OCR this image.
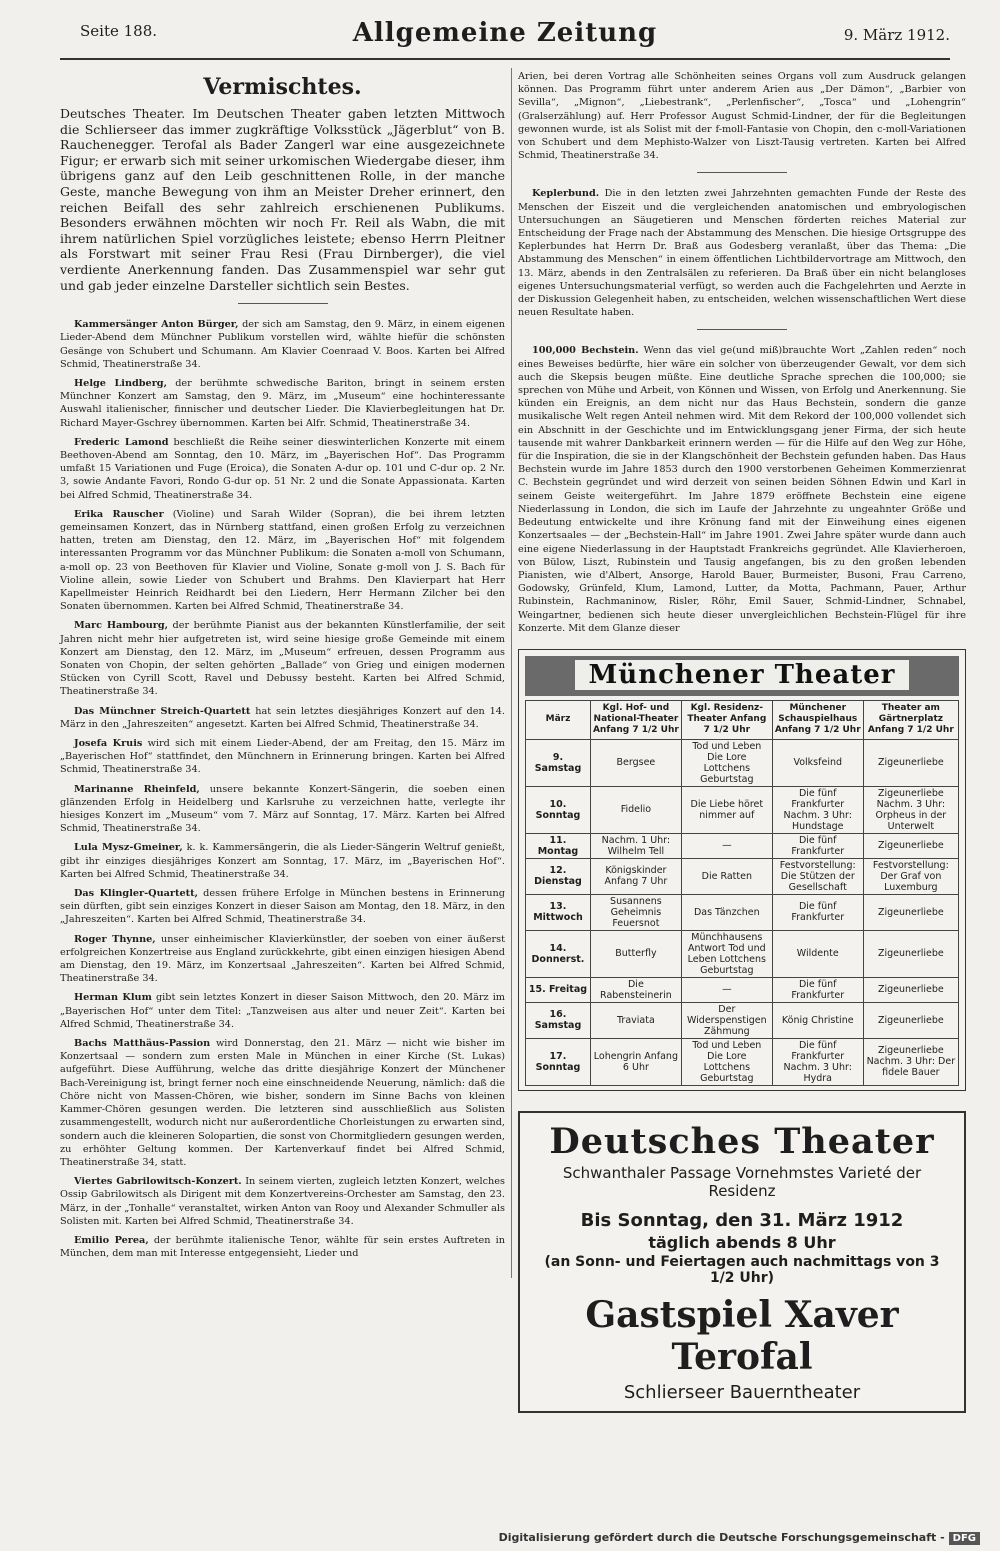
Seite 188.	Allgemeine Zeitung	9. März 1912.
Vermischtes.

Deutsches Theater. Im Deutschen Theater gaben letzten Mittwoch die Schlierseer das immer zugkräftige Volksstück „Jägerblut“ von B. Rauchenegger. Terofal als Bader Zangerl war eine ausgezeichnete Figur; er erwarb sich mit seiner urkomischen Wiedergabe dieser, ihm übrigens ganz auf den Leib geschnittenen Rolle, in der manche Geste, manche Bewegung von ihm an Meister Dreher erinnert, den reichen Beifall des sehr zahlreich erschienenen Publikums. Besonders erwähnen möchten wir noch Fr. Reil als Wabn, die mit ihrem natürlichen Spiel vorzügliches leistete; ebenso Herrn Pleitner als Forstwart mit seiner Frau Resi (Frau Dirnberger), die viel verdiente Anerkennung fanden. Das Zusammenspiel war sehr gut und gab jeder einzelne Darsteller sichtlich sein Bestes.

Kammersänger Anton Bürger, der sich am Samstag, den 9. März, in einem eigenen Lieder-Abend dem Münchner Publikum vorstellen wird, wählte hiefür die schönsten Gesänge von Schubert und Schumann. Am Klavier Coenraad V. Boos. Karten bei Alfred Schmid, Theatinerstraße 34.

Helge Lindberg, der berühmte schwedische Bariton, bringt in seinem ersten Münchner Konzert am Samstag, den 9. März, im „Museum“ eine hochinteressante Auswahl italienischer, finnischer und deutscher Lieder. Die Klavierbegleitungen hat Dr. Richard Mayer-Gschrey übernommen. Karten bei Alfr. Schmid, Theatinerstraße 34.

Frederic Lamond beschließt die Reihe seiner dieswinterlichen Konzerte mit einem Beethoven-Abend am Sonntag, den 10. März, im „Bayerischen Hof“. Das Programm umfaßt 15 Variationen und Fuge (Eroica), die Sonaten A-dur op. 101 und C-dur op. 2 Nr. 3, sowie Andante Favori, Rondo G-dur op. 51 Nr. 2 und die Sonate Appassionata. Karten bei Alfred Schmid, Theatinerstraße 34.

Erika Rauscher (Violine) und Sarah Wilder (Sopran), die bei ihrem letzten gemeinsamen Konzert, das in Nürnberg stattfand, einen großen Erfolg zu verzeichnen hatten, treten am Dienstag, den 12. März, im „Bayerischen Hof“ mit folgendem interessanten Programm vor das Münchner Publikum: die Sonaten a-moll von Schumann, a-moll op. 23 von Beethoven für Klavier und Violine, Sonate g-moll von J. S. Bach für Violine allein, sowie Lieder von Schubert und Brahms. Den Klavierpart hat Herr Kapellmeister Heinrich Reidhardt bei den Liedern, Herr Hermann Zilcher bei den Sonaten übernommen. Karten bei Alfred Schmid, Theatinerstraße 34.

Marc Hambourg, der berühmte Pianist aus der bekannten Künstlerfamilie, der seit Jahren nicht mehr hier aufgetreten ist, wird seine hiesige große Gemeinde mit einem Konzert am Dienstag, den 12. März, im „Museum“ erfreuen, dessen Programm aus Sonaten von Chopin, der selten gehörten „Ballade“ von Grieg und einigen modernen Stücken von Cyrill Scott, Ravel und Debussy besteht. Karten bei Alfred Schmid, Theatinerstraße 34.

Das Münchner Streich-Quartett hat sein letztes diesjähriges Konzert auf den 14. März in den „Jahreszeiten“ angesetzt. Karten bei Alfred Schmid, Theatinerstraße 34.

Josefa Kruis wird sich mit einem Lieder-Abend, der am Freitag, den 15. März im „Bayerischen Hof“ stattfindet, den Münchnern in Erinnerung bringen. Karten bei Alfred Schmid, Theatinerstraße 34.

Marinanne Rheinfeld, unsere bekannte Konzert-Sängerin, die soeben einen glänzenden Erfolg in Heidelberg und Karlsruhe zu verzeichnen hatte, verlegte ihr hiesiges Konzert im „Museum“ vom 7. März auf Sonntag, 17. März. Karten bei Alfred Schmid, Theatinerstraße 34.

Lula Mysz-Gmeiner, k. k. Kammersängerin, die als Lieder-Sängerin Weltruf genießt, gibt ihr einziges diesjähriges Konzert am Sonntag, 17. März, im „Bayerischen Hof“. Karten bei Alfred Schmid, Theatinerstraße 34.

Das Klingler-Quartett, dessen frühere Erfolge in München bestens in Erinnerung sein dürften, gibt sein einziges Konzert in dieser Saison am Montag, den 18. März, in den „Jahreszeiten“. Karten bei Alfred Schmid, Theatinerstraße 34.

Roger Thynne, unser einheimischer Klavierkünstler, der soeben von einer äußerst erfolgreichen Konzertreise aus England zurückkehrte, gibt einen einzigen hiesigen Abend am Dienstag, den 19. März, im Konzertsaal „Jahreszeiten“. Karten bei Alfred Schmid, Theatinerstraße 34.

Herman Klum gibt sein letztes Konzert in dieser Saison Mittwoch, den 20. März im „Bayerischen Hof“ unter dem Titel: „Tanzweisen aus alter und neuer Zeit“. Karten bei Alfred Schmid, Theatinerstraße 34.

Bachs Matthäus-Passion wird Donnerstag, den 21. März — nicht wie bisher im Konzertsaal — sondern zum ersten Male in München in einer Kirche (St. Lukas) aufgeführt. Diese Aufführung, welche das dritte diesjährige Konzert der Münchener Bach-Vereinigung ist, bringt ferner noch eine einschneidende Neuerung, nämlich: daß die Chöre nicht von Massen-Chören, wie bisher, sondern im Sinne Bachs von kleinen Kammer-Chören gesungen werden. Die letzteren sind ausschließlich aus Solisten zusammengestellt, wodurch nicht nur außerordentliche Chorleistungen zu erwarten sind, sondern auch die kleineren Solopartien, die sonst von Chormitgliedern gesungen werden, zu erhöhter Geltung kommen. Der Kartenverkauf findet bei Alfred Schmid, Theatinerstraße 34, statt.

Viertes Gabrilowitsch-Konzert. In seinem vierten, zugleich letzten Konzert, welches Ossip Gabrilowitsch als Dirigent mit dem Konzertvereins-Orchester am Samstag, den 23. März, in der „Tonhalle“ veranstaltet, wirken Anton van Rooy und Alexander Schmuller als Solisten mit. Karten bei Alfred Schmid, Theatinerstraße 34.

Emilio Perea, der berühmte italienische Tenor, wählte für sein erstes Auftreten in München, dem man mit Interesse entgegensieht, Lieder und

Arien, bei deren Vortrag alle Schönheiten seines Organs voll zum Ausdruck gelangen können. Das Programm führt unter anderem Arien aus „Der Dämon“, „Barbier von Sevilla“, „Mignon“, „Liebestrank“, „Perlenfischer“, „Tosca“ und „Lohengrin“ (Gralserzählung) auf. Herr Professor August Schmid-Lindner, der für die Begleitungen gewonnen wurde, ist als Solist mit der f-moll-Fantasie von Chopin, den c-moll-Variationen von Schubert und dem Mephisto-Walzer von Liszt-Tausig vertreten. Karten bei Alfred Schmid, Theatinerstraße 34.

Keplerbund. Die in den letzten zwei Jahrzehnten gemachten Funde der Reste des Menschen der Eiszeit und die vergleichenden anatomischen und embryologischen Untersuchungen an Säugetieren und Menschen förderten reiches Material zur Entscheidung der Frage nach der Abstammung des Menschen. Die hiesige Ortsgruppe des Keplerbundes hat Herrn Dr. Braß aus Godesberg veranlaßt, über das Thema: „Die Abstammung des Menschen“ in einem öffentlichen Lichtbildervortrage am Mittwoch, den 13. März, abends in den Zentralsälen zu referieren. Da Braß über ein nicht belangloses eigenes Untersuchungsmaterial verfügt, so werden auch die Fachgelehrten und Aerzte in der Diskussion Gelegenheit haben, zu entscheiden, welchen wissenschaftlichen Wert diese neuen Resultate haben.

100,000 Bechstein. Wenn das viel ge(und miß)brauchte Wort „Zahlen reden“ noch eines Beweises bedürfte, hier wäre ein solcher von überzeugender Gewalt, vor dem sich auch die Skepsis beugen müßte. Eine deutliche Sprache sprechen die 100,000; sie sprechen von Mühe und Arbeit, von Können und Wissen, von Erfolg und Anerkennung. Sie künden ein Ereignis, an dem nicht nur das Haus Bechstein, sondern die ganze musikalische Welt regen Anteil nehmen wird. Mit dem Rekord der 100,000 vollendet sich ein Abschnitt in der Geschichte und im Entwicklungsgang jener Firma, der sich heute tausende mit wahrer Dankbarkeit erinnern werden — für die Hilfe auf den Weg zur Höhe, für die Inspiration, die sie in der Klangschönheit der Bechstein gefunden haben. Das Haus Bechstein wurde im Jahre 1853 durch den 1900 verstorbenen Geheimen Kommerzienrat C. Bechstein gegründet und wird derzeit von seinen beiden Söhnen Edwin und Karl in seinem Geiste weitergeführt. Im Jahre 1879 eröffnete Bechstein eine eigene Niederlassung in London, die sich im Laufe der Jahrzehnte zu ungeahnter Größe und Bedeutung entwickelte und ihre Krönung fand mit der Einweihung eines eigenen Konzertsaales — der „Bechstein-Hall“ im Jahre 1901. Zwei Jahre später wurde dann auch eine eigene Niederlassung in der Hauptstadt Frankreichs gegründet. Alle Klavierheroen, von Bülow, Liszt, Rubinstein und Tausig angefangen, bis zu den großen lebenden Pianisten, wie d'Albert, Ansorge, Harold Bauer, Burmeister, Busoni, Frau Carreno, Godowsky, Grünfeld, Klum, Lamond, Lutter, da Motta, Pachmann, Pauer, Arthur Rubinstein, Rachmaninow, Risler, Röhr, Emil Sauer, Schmid-Lindner, Schnabel, Weingartner, bedienen sich heute dieser unvergleichlichen Bechstein-Flügel für ihre Konzerte. Mit dem Glanze dieser

Münchener Theater
März	Kgl. Hof- und National-Theater Anfang 7 1/2 Uhr	Kgl. Residenz-Theater Anfang 7 1/2 Uhr	Münchener Schauspielhaus Anfang 7 1/2 Uhr	Theater am Gärtnerplatz Anfang 7 1/2 Uhr
9. Samstag	Bergsee	Tod und Leben Die Lore Lottchens Geburtstag	Volksfeind	Zigeunerliebe
10. Sonntag	Fidelio	Die Liebe höret nimmer auf	Die fünf Frankfurter Nachm. 3 Uhr: Hundstage	Zigeunerliebe Nachm. 3 Uhr: Orpheus in der Unterwelt
11. Montag	Nachm. 1 Uhr: Wilhelm Tell	—	Die fünf Frankfurter	Zigeunerliebe
12. Dienstag	Königskinder Anfang 7 Uhr	Die Ratten	Festvorstellung: Die Stützen der Gesellschaft	Festvorstellung: Der Graf von Luxemburg
13. Mittwoch	Susannens Geheimnis Feuersnot	Das Tänzchen	Die fünf Frankfurter	Zigeunerliebe
14. Donnerst.	Butterfly	Münchhausens Antwort Tod und Leben Lottchens Geburtstag	Wildente	Zigeunerliebe
15. Freitag	Die Rabensteinerin	—	Die fünf Frankfurter	Zigeunerliebe
16. Samstag	Traviata	Der Widerspenstigen Zähmung	König Christine	Zigeunerliebe
17. Sonntag	Lohengrin Anfang 6 Uhr	Tod und Leben Die Lore Lottchens Geburtstag	Die fünf Frankfurter Nachm. 3 Uhr: Hydra	Zigeunerliebe Nachm. 3 Uhr: Der fidele Bauer
Deutsches Theater
Schwanthaler Passage Vornehmstes Varieté der Residenz
Bis Sonntag, den 31. März 1912
täglich abends 8 Uhr
(an Sonn- und Feiertagen auch nachmittags von 3 1/2 Uhr)
Gastspiel Xaver Terofal
Schlierseer Bauerntheater
Digitalisierung gefördert durch die Deutsche Forschungsgemeinschaft - DFG
